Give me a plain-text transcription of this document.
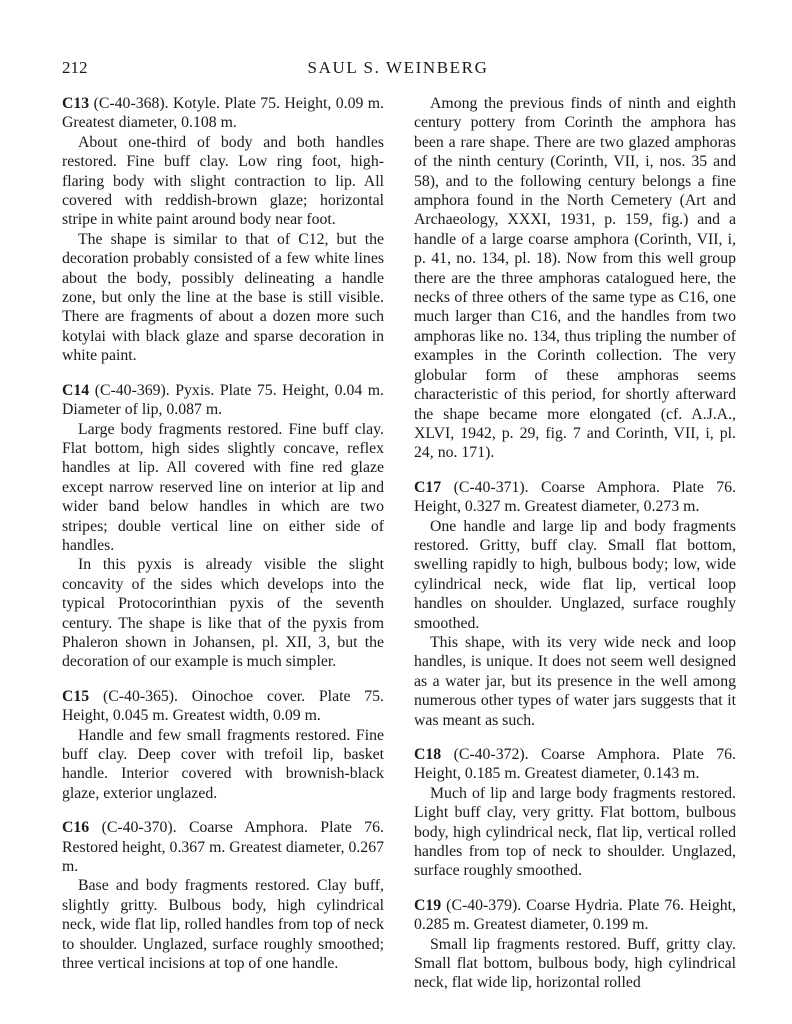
212	SAUL S. WEINBERG

C13 (C-40-368). Kotyle. Plate 75. Height, 0.09 m. Greatest diameter, 0.108 m.

About one-third of body and both handles restored. Fine buff clay. Low ring foot, high-flaring body with slight contraction to lip. All covered with reddish-brown glaze; horizontal stripe in white paint around body near foot.

The shape is similar to that of C12, but the decoration probably consisted of a few white lines about the body, possibly delineating a handle zone, but only the line at the base is still visible. There are fragments of about a dozen more such kotylai with black glaze and sparse decoration in white paint.

C14 (C-40-369). Pyxis. Plate 75. Height, 0.04 m. Diameter of lip, 0.087 m.

Large body fragments restored. Fine buff clay. Flat bottom, high sides slightly concave, reflex handles at lip. All covered with fine red glaze except narrow reserved line on interior at lip and wider band below handles in which are two stripes; double vertical line on either side of handles.

In this pyxis is already visible the slight concavity of the sides which develops into the typical Protocorinthian pyxis of the seventh century. The shape is like that of the pyxis from Phaleron shown in Johansen, pl. XII, 3, but the decoration of our example is much simpler.

C15 (C-40-365). Oinochoe cover. Plate 75. Height, 0.045 m. Greatest width, 0.09 m.

Handle and few small fragments restored. Fine buff clay. Deep cover with trefoil lip, basket handle. Interior covered with brownish-black glaze, exterior unglazed.

C16 (C-40-370). Coarse Amphora. Plate 76. Restored height, 0.367 m. Greatest diameter, 0.267 m.

Base and body fragments restored. Clay buff, slightly gritty. Bulbous body, high cylindrical neck, wide flat lip, rolled handles from top of neck to shoulder. Unglazed, surface roughly smoothed; three vertical incisions at top of one handle.

Among the previous finds of ninth and eighth century pottery from Corinth the amphora has been a rare shape. There are two glazed amphoras of the ninth century (Corinth, VII, i, nos. 35 and 58), and to the following century belongs a fine amphora found in the North Cemetery (Art and Archaeology, XXXI, 1931, p. 159, fig.) and a handle of a large coarse amphora (Corinth, VII, i, p. 41, no. 134, pl. 18). Now from this well group there are the three amphoras catalogued here, the necks of three others of the same type as C16, one much larger than C16, and the handles from two amphoras like no. 134, thus tripling the number of examples in the Corinth collection. The very globular form of these amphoras seems characteristic of this period, for shortly afterward the shape became more elongated (cf. A.J.A., XLVI, 1942, p. 29, fig. 7 and Corinth, VII, i, pl. 24, no. 171).

C17 (C-40-371). Coarse Amphora. Plate 76. Height, 0.327 m. Greatest diameter, 0.273 m.

One handle and large lip and body fragments restored. Gritty, buff clay. Small flat bottom, swelling rapidly to high, bulbous body; low, wide cylindrical neck, wide flat lip, vertical loop handles on shoulder. Unglazed, surface roughly smoothed.

This shape, with its very wide neck and loop handles, is unique. It does not seem well designed as a water jar, but its presence in the well among numerous other types of water jars suggests that it was meant as such.

C18 (C-40-372). Coarse Amphora. Plate 76. Height, 0.185 m. Greatest diameter, 0.143 m.

Much of lip and large body fragments restored. Light buff clay, very gritty. Flat bottom, bulbous body, high cylindrical neck, flat lip, vertical rolled handles from top of neck to shoulder. Unglazed, surface roughly smoothed.

C19 (C-40-379). Coarse Hydria. Plate 76. Height, 0.285 m. Greatest diameter, 0.199 m.

Small lip fragments restored. Buff, gritty clay. Small flat bottom, bulbous body, high cylindrical neck, flat wide lip, horizontal rolled
